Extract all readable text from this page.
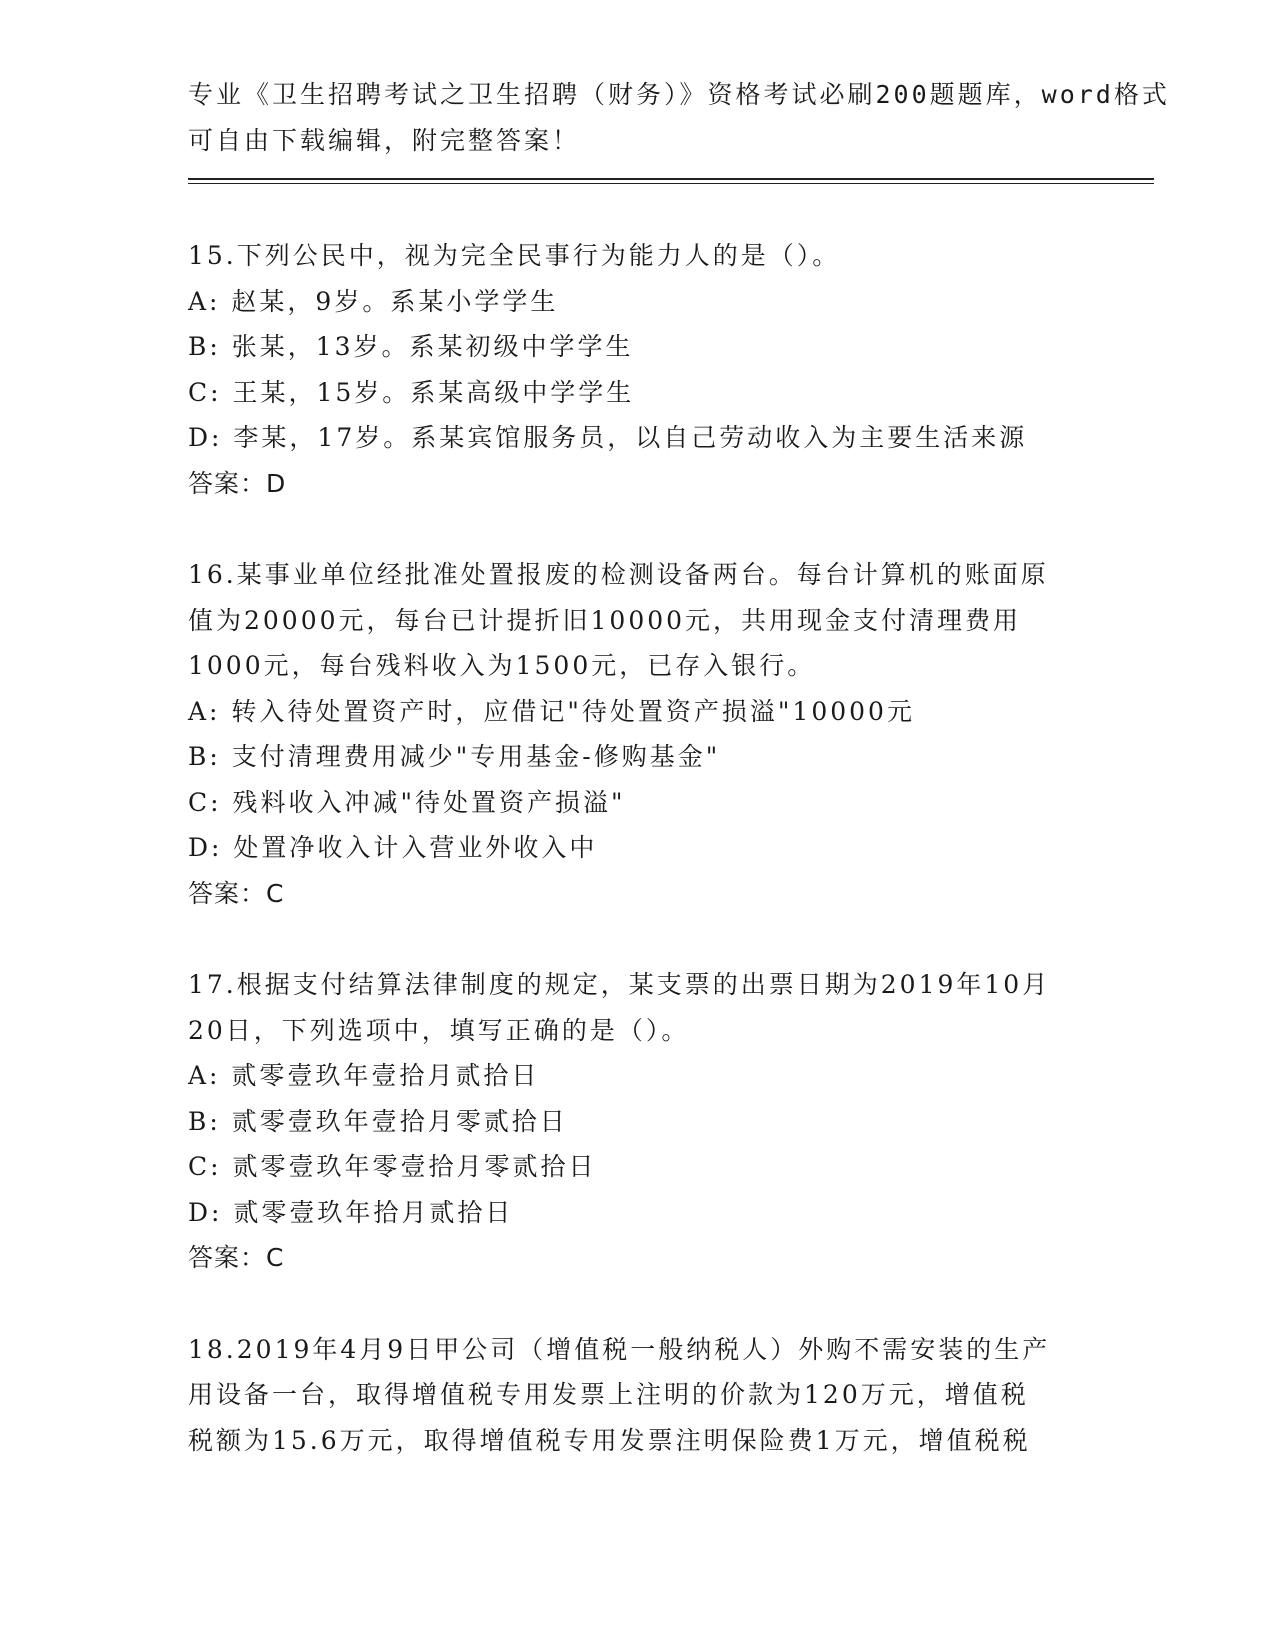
专业《卫生招聘考试之卫生招聘（财务）》资格考试必刷200题题库，word格式
可自由下载编辑，附完整答案！
15.下列公民中，视为完全民事行为能力人的是（）。
A: 赵某，9岁。系某小学学生
B: 张某，13岁。系某初级中学学生
C: 王某，15岁。系某高级中学学生
D: 李某，17岁。系某宾馆服务员，以自己劳动收入为主要生活来源
答案：D
16.某事业单位经批准处置报废的检测设备两台。每台计算机的账面原
值为20000元，每台已计提折旧10000元，共用现金支付清理费用
1000元，每台残料收入为1500元，已存入银行。
A: 转入待处置资产时，应借记"待处置资产损溢"10000元
B: 支付清理费用减少"专用基金-修购基金"
C: 残料收入冲减"待处置资产损溢"
D: 处置净收入计入营业外收入中
答案：C
17.根据支付结算法律制度的规定，某支票的出票日期为2019年10月
20日，下列选项中，填写正确的是（）。
A: 贰零壹玖年壹拾月贰拾日
B: 贰零壹玖年壹拾月零贰拾日
C: 贰零壹玖年零壹拾月零贰拾日
D: 贰零壹玖年拾月贰拾日
答案：C
18.2019年4月9日甲公司（增值税一般纳税人）外购不需安装的生产
用设备一台，取得增值税专用发票上注明的价款为120万元，增值税
税额为15.6万元，取得增值税专用发票注明保险费1万元，增值税税
